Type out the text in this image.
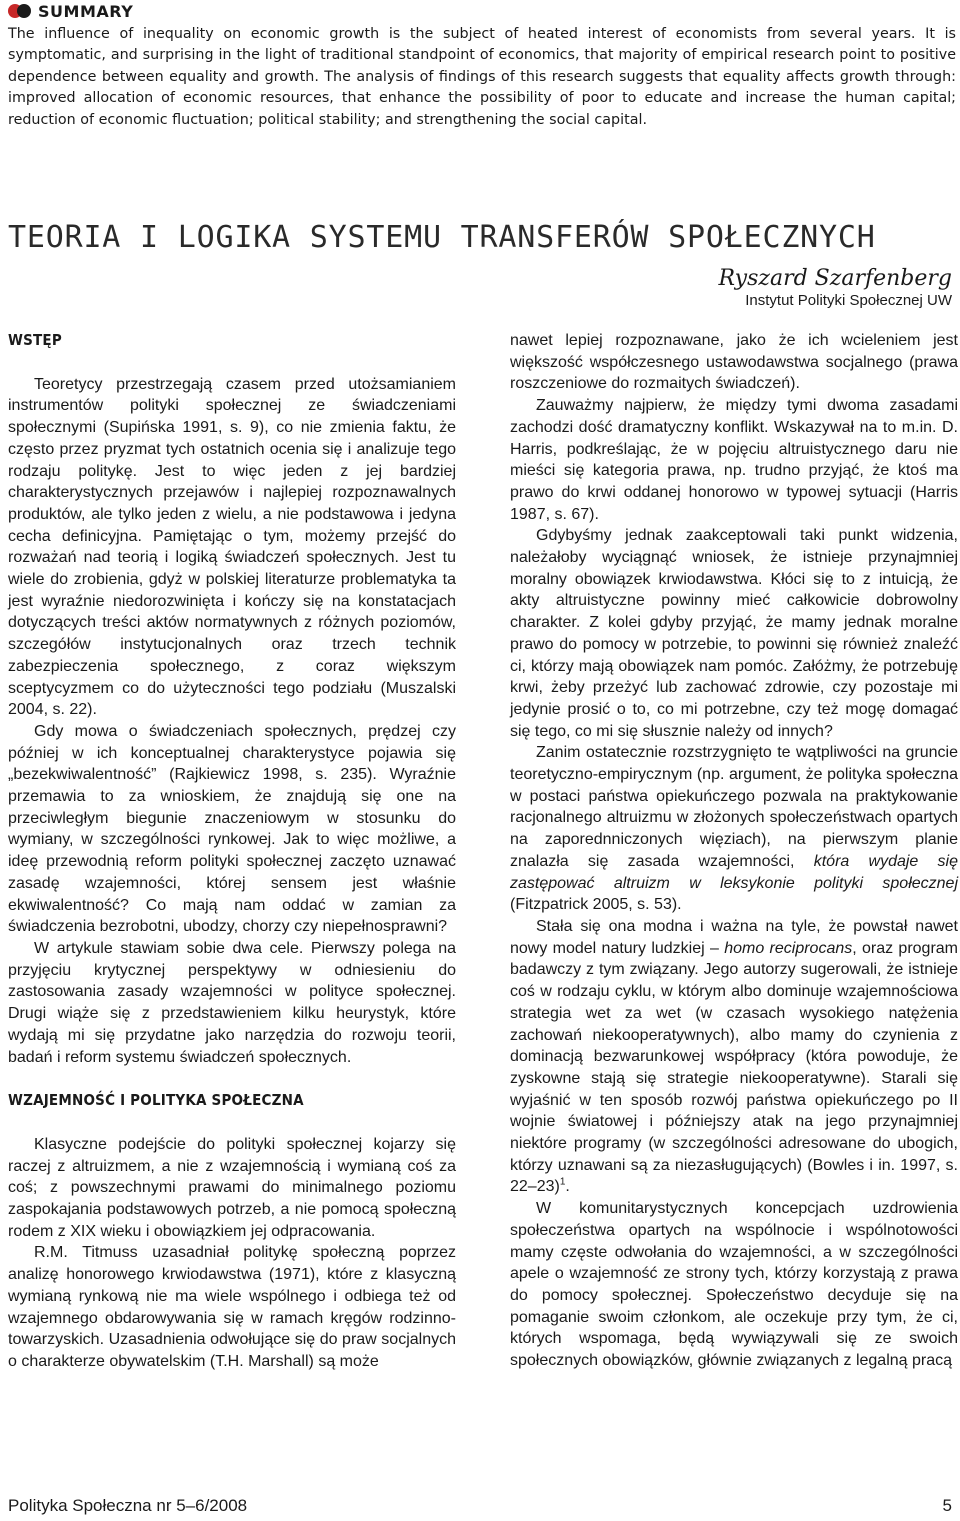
SUMMARY
The influence of inequality on economic growth is the subject of heated interest of economists from several years. It is symptomatic, and surprising in the light of traditional standpoint of economics, that majority of empirical research point to positive dependence between equality and growth. The analysis of findings of this research suggests that equality affects growth through: improved allocation of economic resources, that enhance the possibility of poor to educate and increase the human capital; reduction of economic fluctuation; political stability; and strengthening the social capital.
TEORIA I LOGIKA SYSTEMU TRANSFERÓW SPOŁECZNYCH
Ryszard Szarfenberg
Instytut Polityki Społecznej UW
WSTĘP

Teoretycy przestrzegają czasem przed utożsamianiem instrumentów polityki społecznej ze świadczeniami społecznymi (Supińska 1991, s. 9), co nie zmienia faktu, że często przez pryzmat tych ostatnich ocenia się i analizuje tego rodzaju politykę. Jest to więc jeden z jej bardziej charakterystycznych przejawów i najlepiej rozpoznawalnych produktów, ale tylko jeden z wielu, a nie podstawowa i jedyna cecha definicyjna. Pamiętając o tym, możemy przejść do rozważań nad teorią i logiką świadczeń społecznych. Jest tu wiele do zrobienia, gdyż w polskiej literaturze problematyka ta jest wyraźnie niedorozwinięta i kończy się na konstatacjach dotyczących treści aktów normatywnych z różnych poziomów, szczegółów instytucjonalnych oraz trzech technik zabezpieczenia społecznego, z coraz większym sceptycyzmem co do użyteczności tego podziału (Muszalski 2004, s. 22).

Gdy mowa o świadczeniach społecznych, prędzej czy później w ich konceptualnej charakterystyce pojawia się „bezekwiwalentność” (Rajkiewicz 1998, s. 235). Wyraźnie przemawia to za wnioskiem, że znajdują się one na przeciwległym biegunie znaczeniowym w stosunku do wymiany, w szczególności rynkowej. Jak to więc możliwe, a ideę przewodnią reform polityki społecznej zaczęto uznawać zasadę wzajemności, której sensem jest właśnie ekwiwalentność? Co mają nam oddać w zamian za świadczenia bezrobotni, ubodzy, chorzy czy niepełnosprawni?

W artykule stawiam sobie dwa cele. Pierwszy polega na przyjęciu krytycznej perspektywy w odniesieniu do zastosowania zasady wzajemności w polityce społecznej. Drugi wiąże się z przedstawieniem kilku heurystyk, które wydają mi się przydatne jako narzędzia do rozwoju teorii, badań i reform systemu świadczeń społecznych.

WZAJEMNOŚĆ I POLITYKA SPOŁECZNA

Klasyczne podejście do polityki społecznej kojarzy się raczej z altruizmem, a nie z wzajemnością i wymianą coś za coś; z powszechnymi prawami do minimalnego poziomu zaspokajania podstawowych potrzeb, a nie pomocą społeczną rodem z XIX wieku i obowiązkiem jej odpracowania.

R.M. Titmuss uzasadniał politykę społeczną poprzez analizę honorowego krwiodawstwa (1971), które z klasyczną wymianą rynkową nie ma wiele wspólnego i odbiega też od wzajemnego obdarowywania się w ramach kręgów rodzinno-towarzyskich. Uzasadnienia odwołujące się do praw socjalnych o charakterze obywatelskim (T.H. Marshall) są może

nawet lepiej rozpoznawane, jako że ich wcieleniem jest większość współczesnego ustawodawstwa socjalnego (prawa roszczeniowe do rozmaitych świadczeń).

Zauważmy najpierw, że między tymi dwoma zasadami zachodzi dość dramatyczny konflikt. Wskazywał na to m.in. D. Harris, podkreślając, że w pojęciu altruistycznego daru nie mieści się kategoria prawa, np. trudno przyjąć, że ktoś ma prawo do krwi oddanej honorowo w typowej sytuacji (Harris 1987, s. 67).

Gdybyśmy jednak zaakceptowali taki punkt widzenia, należałoby wyciągnąć wniosek, że istnieje przynajmniej moralny obowiązek krwiodawstwa. Kłóci się to z intuicją, że akty altruistyczne powinny mieć całkowicie dobrowolny charakter. Z kolei gdyby przyjąć, że mamy jednak moralne prawo do pomocy w potrzebie, to powinni się również znaleźć ci, którzy mają obowiązek nam pomóc. Załóżmy, że potrzebuję krwi, żeby przeżyć lub zachować zdrowie, czy pozostaje mi jedynie prosić o to, co mi potrzebne, czy też mogę domagać się tego, co mi się słusznie należy od innych?

Zanim ostatecznie rozstrzygnięto te wątpliwości na gruncie teoretyczno-empirycznym (np. argument, że polityka społeczna w postaci państwa opiekuńczego pozwala na praktykowanie racjonalnego altruizmu w złożonych społeczeństwach opartych na zaporednniczonych więziach), na pierwszym planie znalazła się zasada wzajemności, która wydaje się zastępować altruizm w leksykonie polityki społecznej (Fitzpatrick 2005, s. 53).

Stała się ona modna i ważna na tyle, że powstał nawet nowy model natury ludzkiej – homo reciprocans, oraz program badawczy z tym związany. Jego autorzy sugerowali, że istnieje coś w rodzaju cyklu, w którym albo dominuje wzajemnościowa strategia wet za wet (w czasach wysokiego natężenia zachowań niekooperatywnych), albo mamy do czynienia z dominacją bezwarunkowej współpracy (która powoduje, że zyskowne stają się strategie niekooperatywne). Starali się wyjaśnić w ten sposób rozwój państwa opiekuńczego po II wojnie światowej i późniejszy atak na jego przynajmniej niektóre programy (w szczególności adresowane do ubogich, którzy uznawani są za niezasługujących) (Bowles i in. 1997, s. 22–23)$^1$.

W komunitarystycznych koncepcjach uzdrowienia społeczeństwa opartych na wspólnocie i wspólnotowości mamy częste odwołania do wzajemności, a w szczególności apele o wzajemność ze strony tych, którzy korzystają z prawa do pomocy społecznej. Społeczeństwo decyduje się na pomaganie swoim członkom, ale oczekuje przy tym, że ci, których wspomaga, będą wywiązywali się ze swoich społecznych obowiązków, głównie związanych z legalną pracą

Polityka Społeczna nr 5–6/2008	5
